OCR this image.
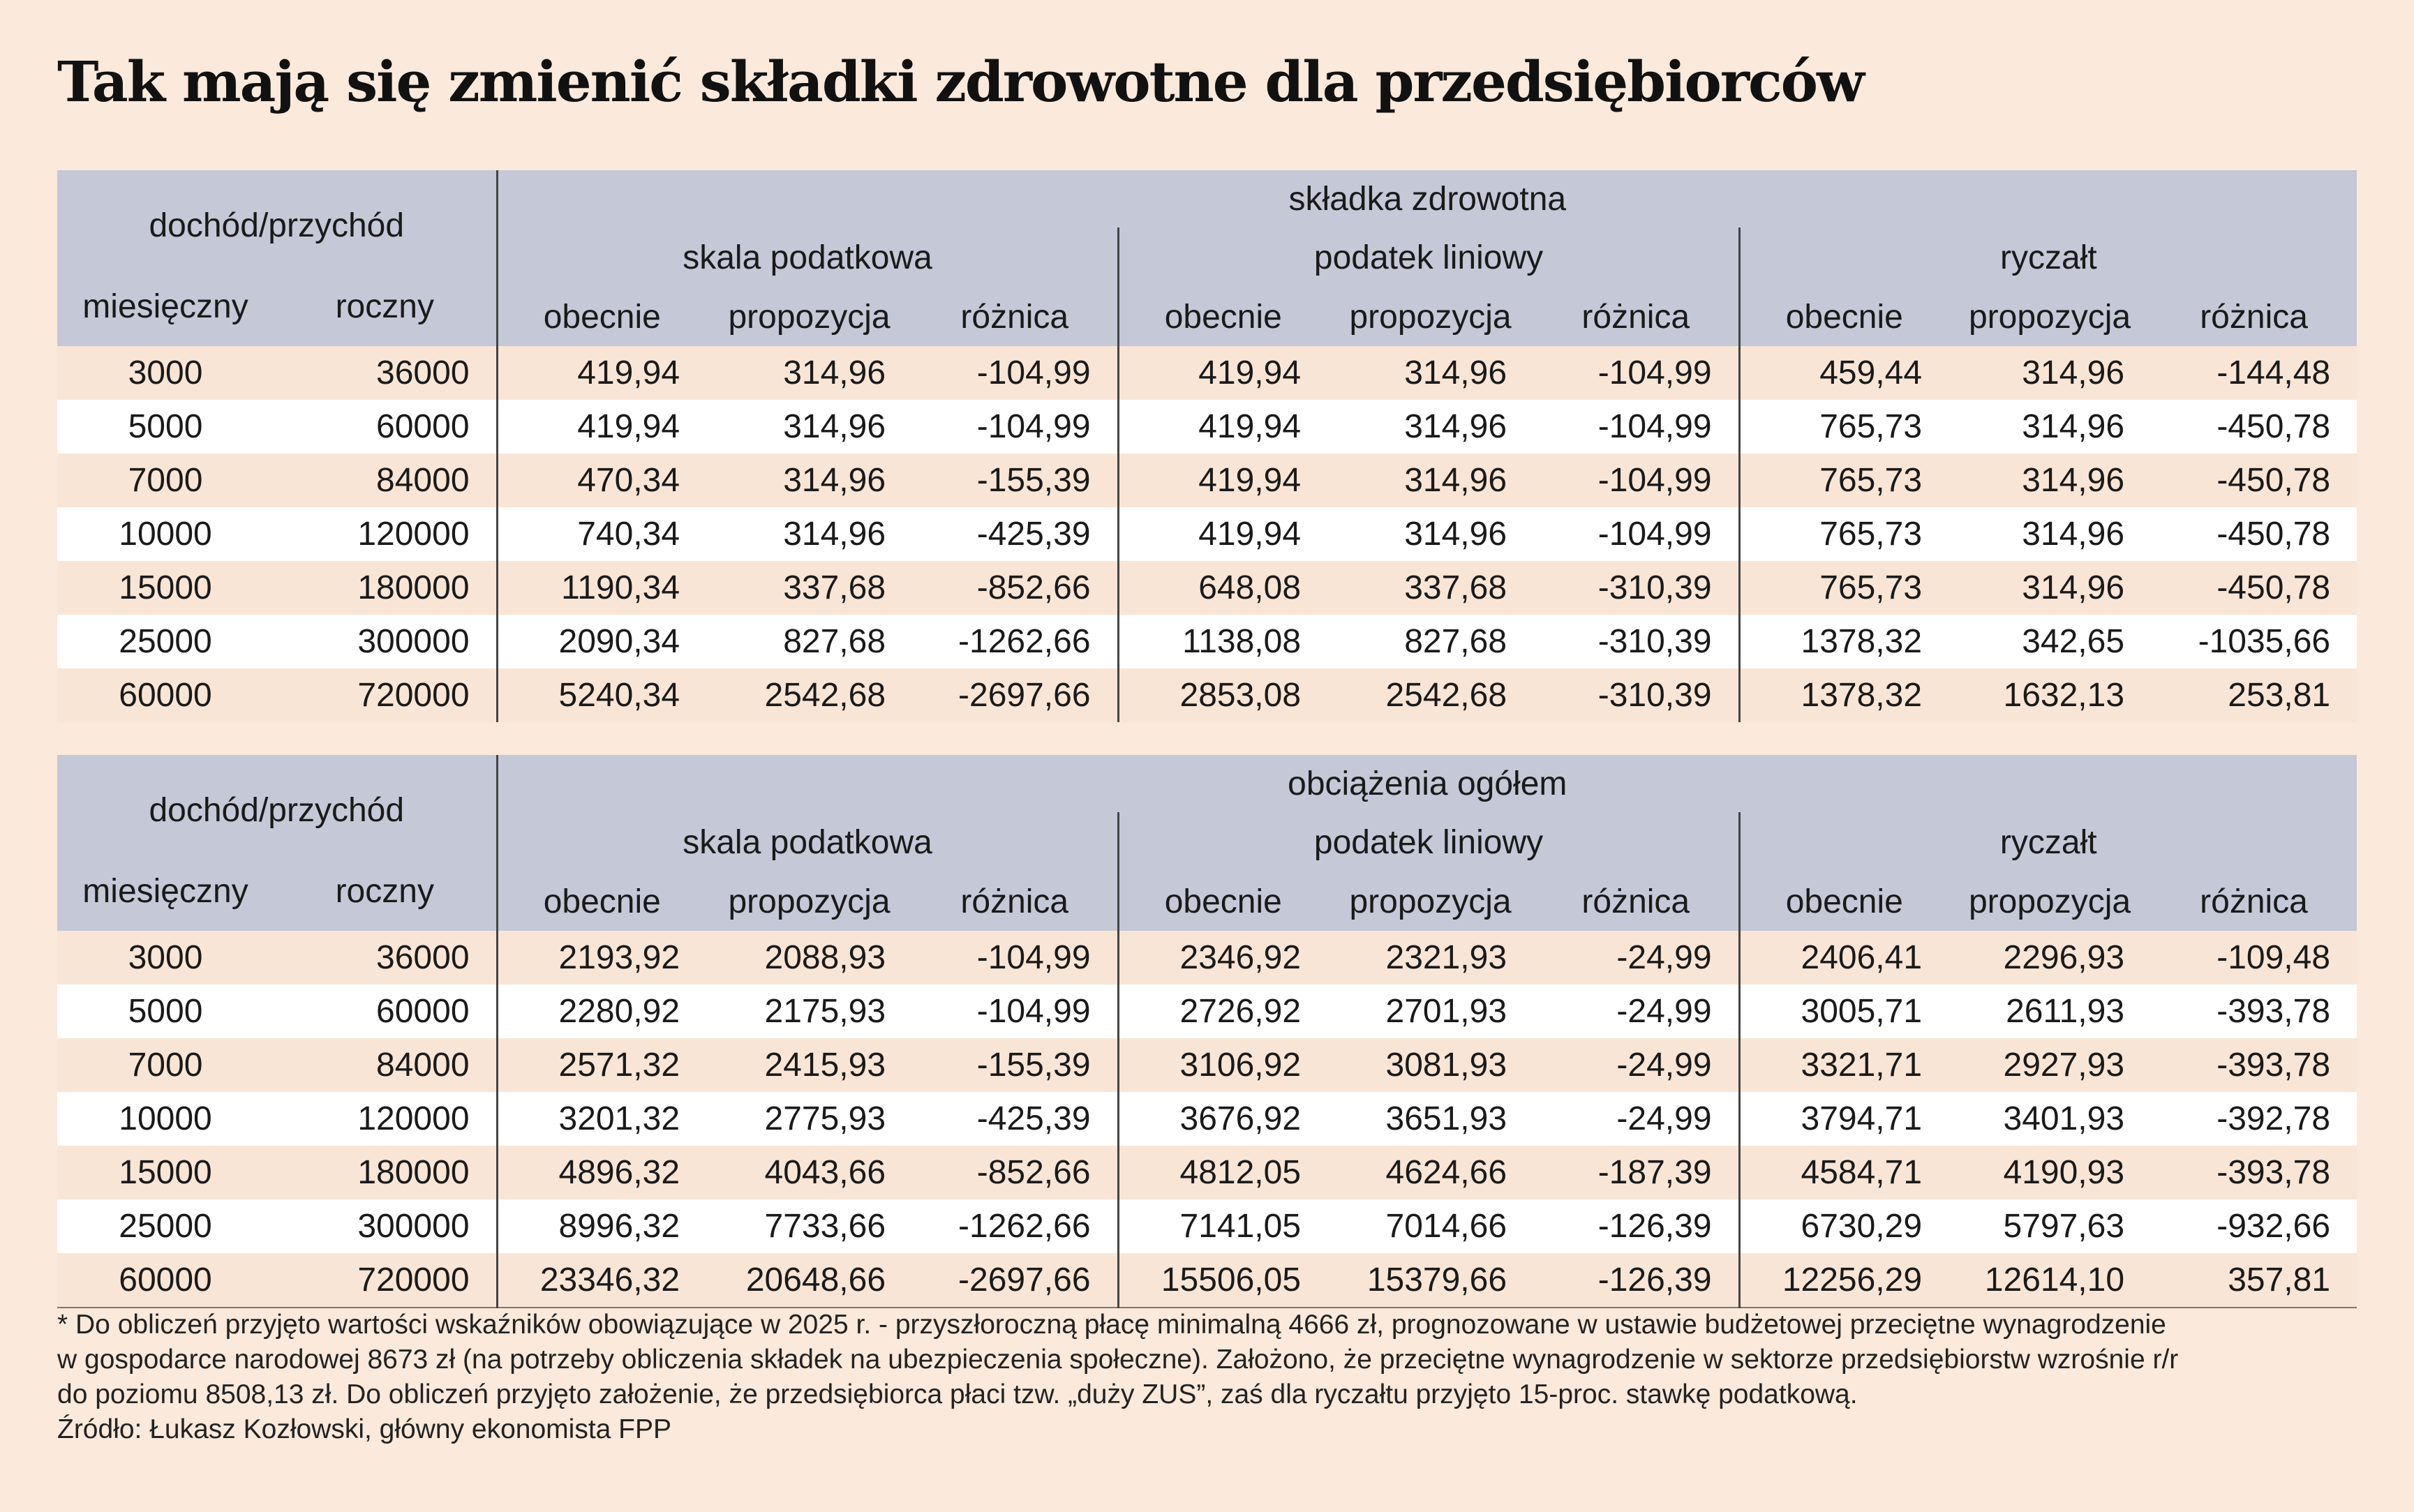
Tak mają się zmienić składki zdrowotne dla przedsiębiorców
dochód/przychód		składka zdrowotna								
		skala podatkowa			podatek liniowy			ryczałt		
miesięczny	roczny	obecnie	propozycja	różnica	obecnie	propozycja	różnica	obecnie	propozycja	różnica
3000	36000	419,94	314,96	-104,99	419,94	314,96	-104,99	459,44	314,96	-144,48
5000	60000	419,94	314,96	-104,99	419,94	314,96	-104,99	765,73	314,96	-450,78
7000	84000	470,34	314,96	-155,39	419,94	314,96	-104,99	765,73	314,96	-450,78
10000	120000	740,34	314,96	-425,39	419,94	314,96	-104,99	765,73	314,96	-450,78
15000	180000	1190,34	337,68	-852,66	648,08	337,68	-310,39	765,73	314,96	-450,78
25000	300000	2090,34	827,68	-1262,66	1138,08	827,68	-310,39	1378,32	342,65	-1035,66
60000	720000	5240,34	2542,68	-2697,66	2853,08	2542,68	-310,39	1378,32	1632,13	253,81
dochód/przychód		obciążenia ogółem								
		skala podatkowa			podatek liniowy			ryczałt		
miesięczny	roczny	obecnie	propozycja	różnica	obecnie	propozycja	różnica	obecnie	propozycja	różnica
3000	36000	2193,92	2088,93	-104,99	2346,92	2321,93	-24,99	2406,41	2296,93	-109,48
5000	60000	2280,92	2175,93	-104,99	2726,92	2701,93	-24,99	3005,71	2611,93	-393,78
7000	84000	2571,32	2415,93	-155,39	3106,92	3081,93	-24,99	3321,71	2927,93	-393,78
10000	120000	3201,32	2775,93	-425,39	3676,92	3651,93	-24,99	3794,71	3401,93	-392,78
15000	180000	4896,32	4043,66	-852,66	4812,05	4624,66	-187,39	4584,71	4190,93	-393,78
25000	300000	8996,32	7733,66	-1262,66	7141,05	7014,66	-126,39	6730,29	5797,63	-932,66
60000	720000	23346,32	20648,66	-2697,66	15506,05	15379,66	-126,39	12256,29	12614,10	357,81
* Do obliczeń przyjęto wartości wskaźników obowiązujące w 2025 r. - przyszłoroczną płacę minimalną 4666 zł, prognozowane w ustawie budżetowej przeciętne wynagrodzenie
w gospodarce narodowej 8673 zł (na potrzeby obliczenia składek na ubezpieczenia społeczne). Założono, że przeciętne wynagrodzenie w sektorze przedsiębiorstw wzrośnie r/r
do poziomu 8508,13 zł. Do obliczeń przyjęto założenie, że przedsiębiorca płaci tzw. „duży ZUS”, zaś dla ryczałtu przyjęto 15-proc. stawkę podatkową.
Źródło: Łukasz Kozłowski, główny ekonomista FPP
